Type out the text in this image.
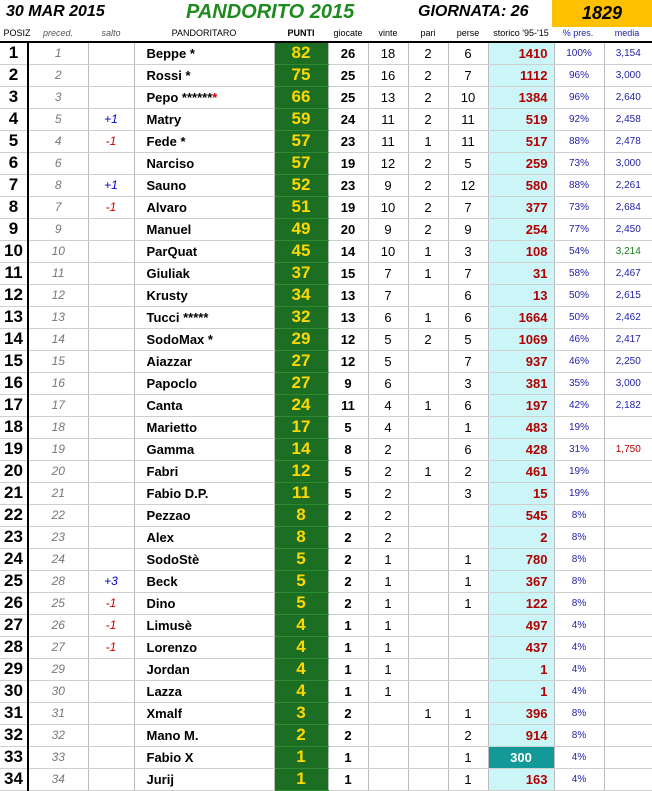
30 MAR 2015	PANDORITO 2015	GIORNATA: 26	1829
POSIZ	preced.	salto	PANDORITARO	PUNTI	giocate	vinte	pari	perse	storico '95-'15	% pres.	media
1	1		Beppe *	82	26	18	2	6	1410	100%	3,154
2	2		Rossi *	75	25	16	2	7	1112	96%	3,000
3	3		Pepo *******	66	25	13	2	10	1384	96%	2,640
4	5	+1	Matry	59	24	11	2	11	519	92%	2,458
5	4	-1	Fede *	57	23	11	1	11	517	88%	2,478
6	6		Narciso	57	19	12	2	5	259	73%	3,000
7	8	+1	Sauno	52	23	9	2	12	580	88%	2,261
8	7	-1	Alvaro	51	19	10	2	7	377	73%	2,684
9	9		Manuel	49	20	9	2	9	254	77%	2,450
10	10		ParQuat	45	14	10	1	3	108	54%	3,214
11	11		Giuliak	37	15	7	1	7	31	58%	2,467
12	12		Krusty	34	13	7		6	13	50%	2,615
13	13		Tucci *****	32	13	6	1	6	1664	50%	2,462
14	14		SodoMax *	29	12	5	2	5	1069	46%	2,417
15	15		Aiazzar	27	12	5		7	937	46%	2,250
16	16		Papoclo	27	9	6		3	381	35%	3,000
17	17		Canta	24	11	4	1	6	197	42%	2,182
18	18		Marietto	17	5	4		1	483	19%	
19	19		Gamma	14	8	2		6	428	31%	1,750
20	20		Fabri	12	5	2	1	2	461	19%	
21	21		Fabio D.P.	11	5	2		3	15	19%	
22	22		Pezzao	8	2	2			545	8%	
23	23		Alex	8	2	2			2	8%	
24	24		SodoStè	5	2	1		1	780	8%	
25	28	+3	Beck	5	2	1		1	367	8%	
26	25	-1	Dino	5	2	1		1	122	8%	
27	26	-1	Limusè	4	1	1			497	4%	
28	27	-1	Lorenzo	4	1	1			437	4%	
29	29		Jordan	4	1	1			1	4%	
30	30		Lazza	4	1	1			1	4%	
31	31		Xmalf	3	2		1	1	396	8%	
32	32		Mano M.	2	2			2	914	8%	
33	33		Fabio X	1	1			1	300	4%	
34	34		Jurij	1	1			1	163	4%	
